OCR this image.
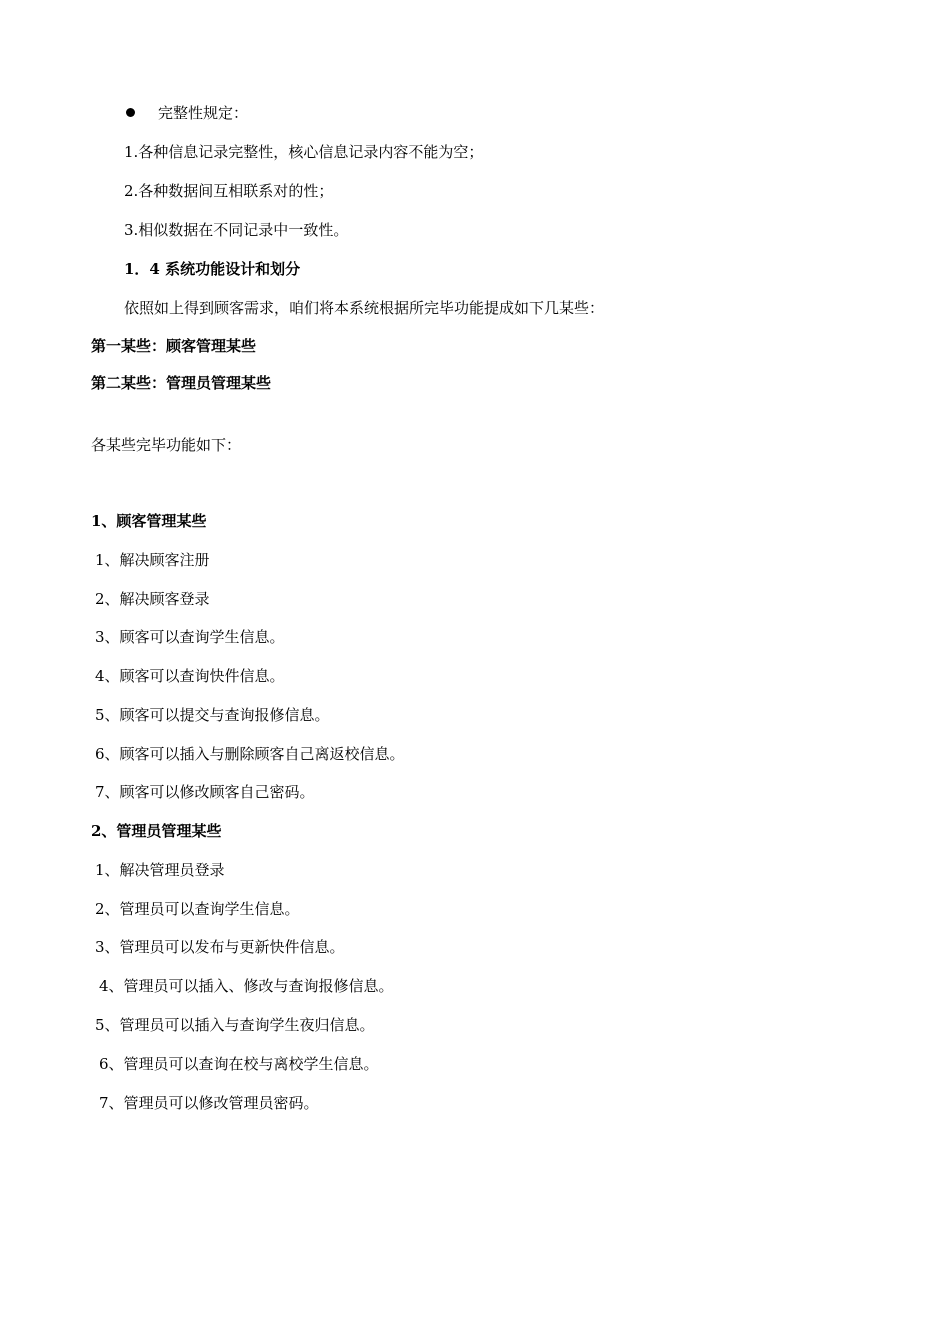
完整性规定：
1.各种信息记录完整性，核心信息记录内容不能为空；
2.各种数据间互相联系对的性；
3.相似数据在不同记录中一致性。
1．4 系统功能设计和划分
依照如上得到顾客需求，咱们将本系统根据所完毕功能提成如下几某些：
第一某些：顾客管理某些
第二某些：管理员管理某些
各某些完毕功能如下：
1、顾客管理某些
1、解决顾客注册
2、解决顾客登录
3、顾客可以查询学生信息。
4、顾客可以查询快件信息。
5、顾客可以提交与查询报修信息。
6、顾客可以插入与删除顾客自己离返校信息。
7、顾客可以修改顾客自己密码。
2、管理员管理某些
1、解决管理员登录
2、管理员可以查询学生信息。
3、管理员可以发布与更新快件信息。
4、管理员可以插入、修改与查询报修信息。
5、管理员可以插入与查询学生夜归信息。
6、管理员可以查询在校与离校学生信息。
7、管理员可以修改管理员密码。
